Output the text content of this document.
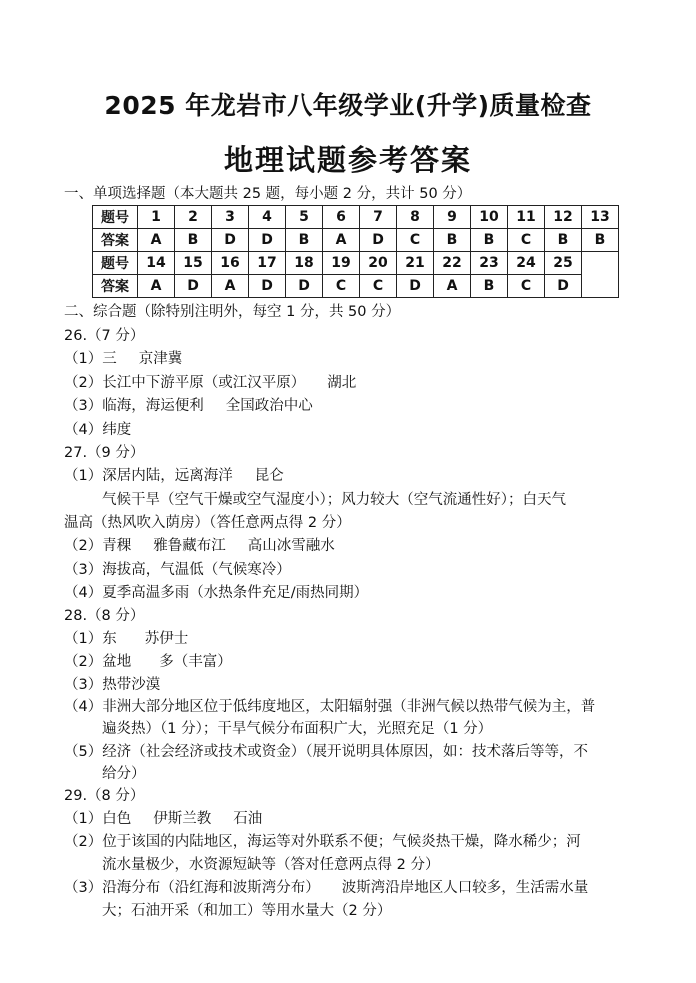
2025 年龙岩市八年级学业(升学)质量检查
地理试题参考答案
一、单项选择题（本大题共 25 题，每小题 2 分，共计 50 分）
题号	1	2	3	4	5	6	7	8	9	10	11	12	13
答案	A	B	D	D	B	A	D	C	B	B	C	B	B
题号	14	15	16	17	18	19	20	21	22	23	24	25	
答案	A	D	A	D	D	C	C	D	A	B	C	D	
二、综合题（除特别注明外，每空 1 分，共 50 分）
26.（7 分）
（1）三 京津冀
（2）长江中下游平原（或江汉平原） 湖北
（3）临海，海运便利 全国政治中心
（4）纬度
27.（9 分）
（1）深居内陆，远离海洋 昆仑
气候干旱（空气干燥或空气湿度小）；风力较大（空气流通性好）；白天气
温高（热风吹入荫房）（答任意两点得 2 分）
（2）青稞 雅鲁藏布江 高山冰雪融水
（3）海拔高，气温低（气候寒冷）
（4）夏季高温多雨（水热条件充足/雨热同期）
28.（8 分）
（1）东 苏伊士
（2）盆地 多（丰富）
（3）热带沙漠
（4）非洲大部分地区位于低纬度地区，太阳辐射强（非洲气候以热带气候为主，普
遍炎热）（1 分）；干旱气候分布面积广大，光照充足（1 分）
（5）经济（社会经济或技术或资金）（展开说明具体原因，如：技术落后等等，不
给分）
29.（8 分）
（1）白色 伊斯兰教 石油
（2）位于该国的内陆地区，海运等对外联系不便；气候炎热干燥，降水稀少；河
流水量极少，水资源短缺等（答对任意两点得 2 分）
（3）沿海分布（沿红海和波斯湾分布） 波斯湾沿岸地区人口较多，生活需水量
大；石油开采（和加工）等用水量大（2 分）
